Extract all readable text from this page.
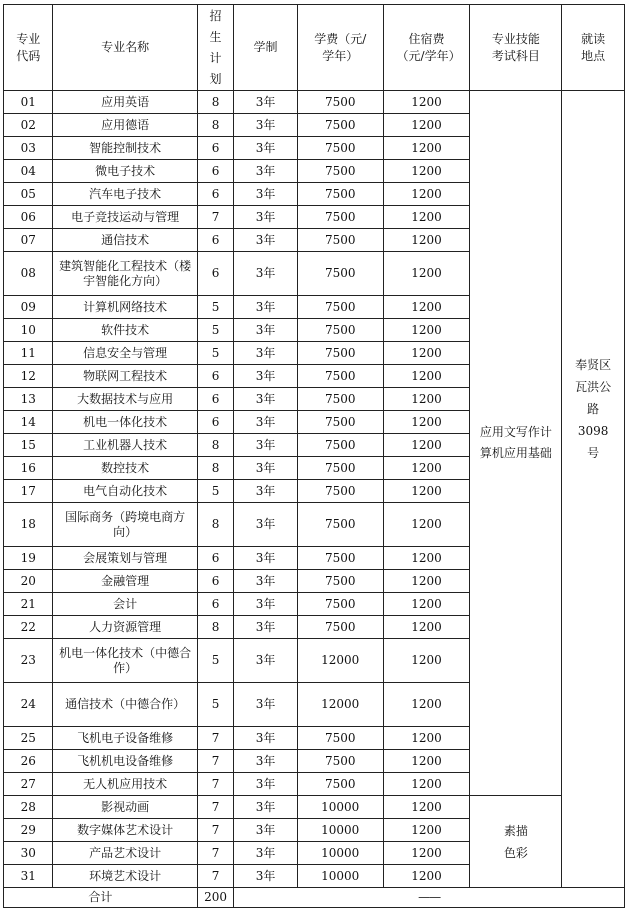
专业代码	专业名称	招生计划	学制	学费（元/学年）	住宿费（元/学年）	专业技能考试科目	就读地点

01	应用英语	8	3年	7500	1200	应用文写作计算机应用基础	奉贤区瓦洪公路3098号

02	应用德语	8	3年	7500	1200		
03	智能控制技术	6	3年	7500	1200		
04	微电子技术	6	3年	7500	1200		
05	汽车电子技术	6	3年	7500	1200		
06	电子竞技运动与管理	7	3年	7500	1200		
07	通信技术	6	3年	7500	1200		
08	建筑智能化工程技术（楼宇智能化方向）	6	3年	7500	1200		
09	计算机网络技术	5	3年	7500	1200		
10	软件技术	5	3年	7500	1200		
11	信息安全与管理	5	3年	7500	1200		
12	物联网工程技术	6	3年	7500	1200		
13	大数据技术与应用	6	3年	7500	1200		
14	机电一体化技术	6	3年	7500	1200		
15	工业机器人技术	8	3年	7500	1200		
16	数控技术	8	3年	7500	1200		
17	电气自动化技术	5	3年	7500	1200		
18	国际商务（跨境电商方向）	8	3年	7500	1200		
19	会展策划与管理	6	3年	7500	1200		
20	金融管理	6	3年	7500	1200		
21	会计	6	3年	7500	1200		
22	人力资源管理	8	3年	7500	1200		
23	机电一体化技术（中德合作）	5	3年	12000	1200		
24	通信技术（中德合作）	5	3年	12000	1200		
25	飞机电子设备维修	7	3年	7500	1200		
26	飞机机电设备维修	7	3年	7500	1200		
27	无人机应用技术	7	3年	7500	1200		
28	影视动画	7	3年	10000	1200	素描色彩	

29	数字媒体艺术设计	7	3年	10000	1200		
30	产品艺术设计	7	3年	10000	1200		
31	环境艺术设计	7	3年	10000	1200		
合计		200	——				
